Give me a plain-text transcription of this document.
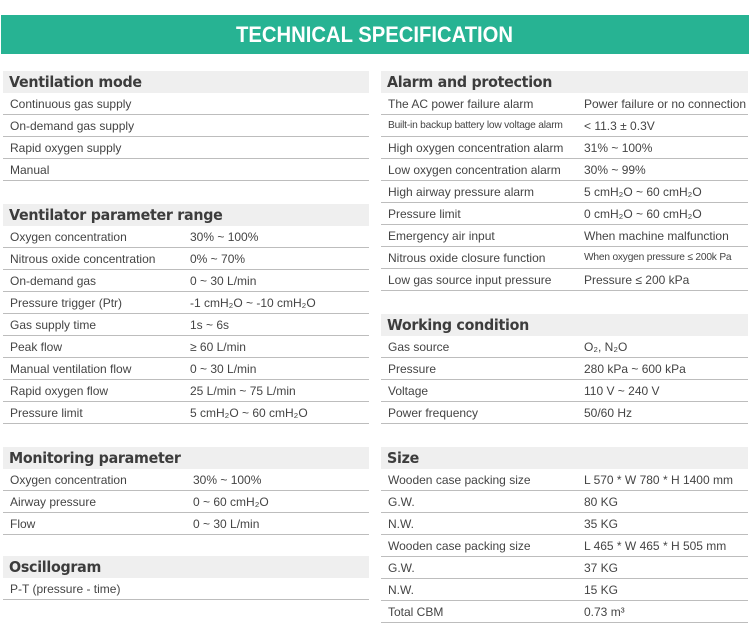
TECHNICAL SPECIFICATION
Ventilation mode
Continuous gas supply
On-demand gas supply
Rapid oxygen supply
Manual
Ventilator parameter range
Oxygen concentration	30% ~ 100%
Nitrous oxide concentration	0% ~ 70%
On-demand gas	0 ~ 30 L/min
Pressure trigger (Ptr)	-1 cmH₂O ~ -10 cmH₂O
Gas supply time	1s ~ 6s
Peak flow	≥ 60 L/min
Manual ventilation flow	0 ~ 30 L/min
Rapid oxygen flow	25 L/min ~ 75 L/min
Pressure limit	5 cmH₂O ~ 60 cmH₂O
Monitoring parameter
Oxygen concentration	30% ~ 100%
Airway pressure	0 ~ 60 cmH₂O
Flow	0 ~ 30 L/min
Oscillogram
P-T (pressure - time)
Alarm and protection
The AC power failure alarm	Power failure or no connection
Built-in backup battery low voltage alarm	< 11.3 ± 0.3V
High oxygen concentration alarm	31% ~ 100%
Low oxygen concentration alarm	30% ~ 99%
High airway pressure alarm	5 cmH₂O ~ 60 cmH₂O
Pressure limit	0 cmH₂O ~ 60 cmH₂O
Emergency air input	When machine malfunction
Nitrous oxide closure function	When oxygen pressure ≤ 200k Pa
Low gas source input pressure	Pressure ≤ 200 kPa
Working condition
Gas source	O₂, N₂O
Pressure	280 kPa ~ 600 kPa
Voltage	110 V ~ 240 V
Power frequency	50/60 Hz
Size
Wooden case packing size	L 570 * W 780 * H 1400 mm
G.W.	80 KG
N.W.	35 KG
Wooden case packing size	L 465 * W 465 * H 505 mm
G.W.	37 KG
N.W.	15 KG
Total CBM	0.73 m³
